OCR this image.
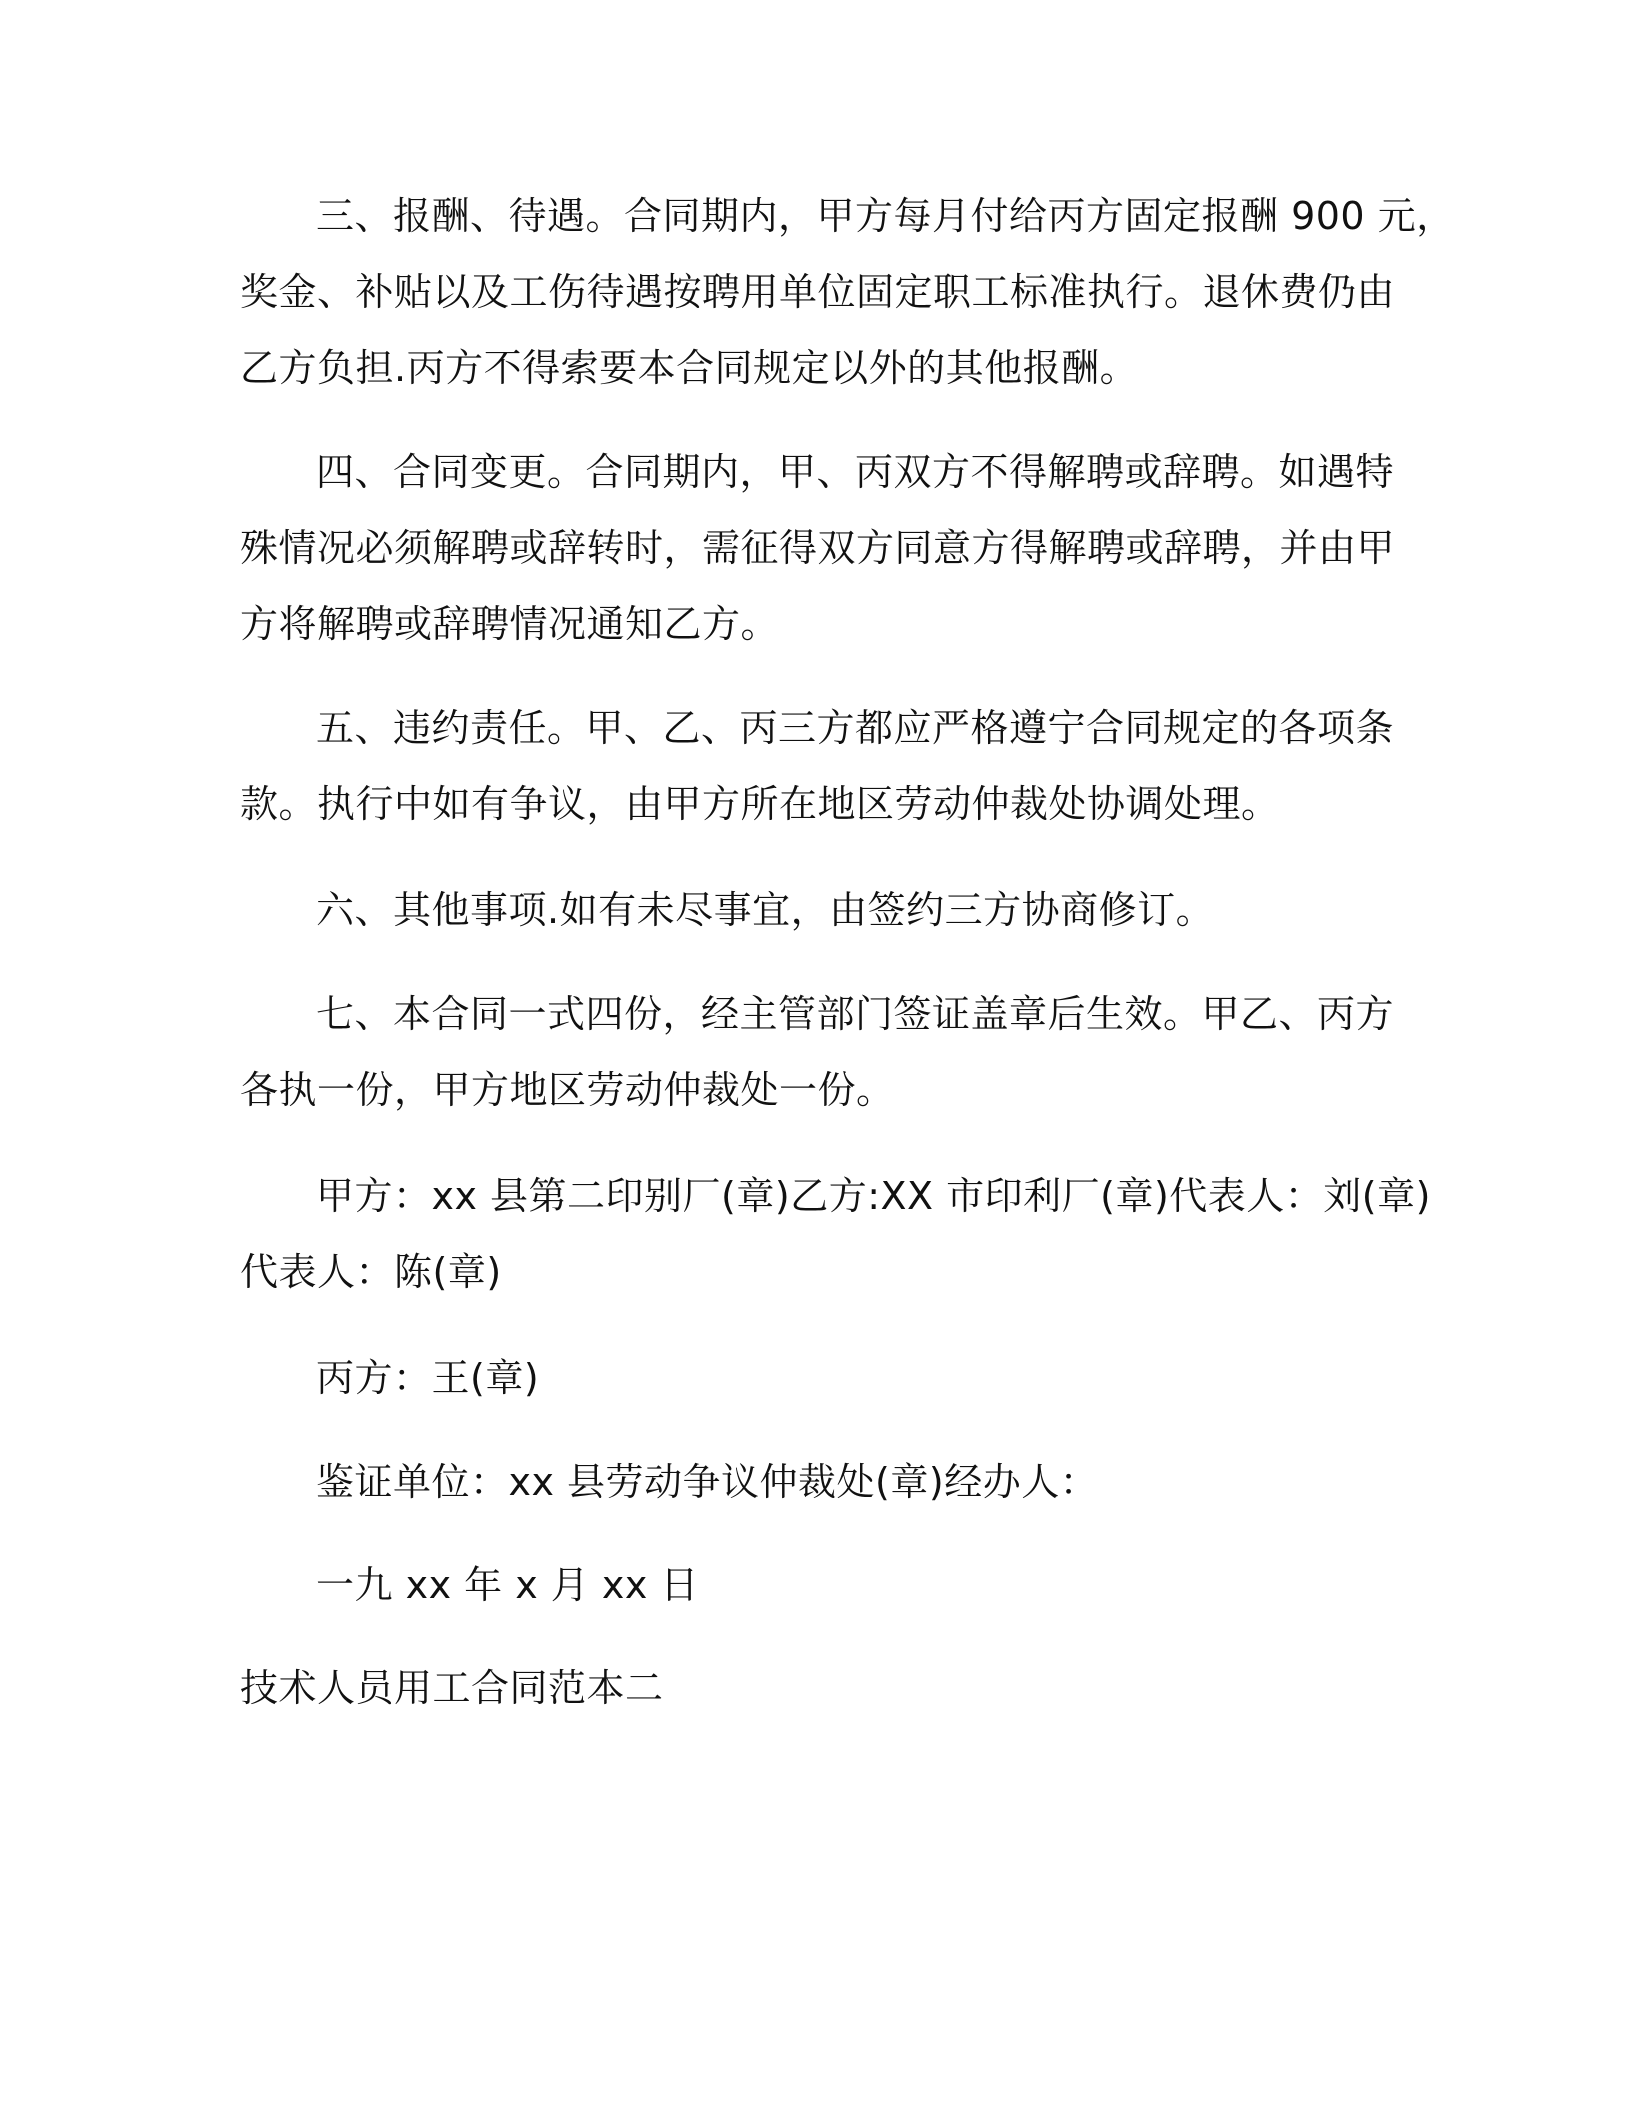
三、报酬、待遇。合同期内，甲方每月付给丙方固定报酬 900 元，
奖金、补贴以及工伤待遇按聘用单位固定职工标准执行。退休费仍由
乙方负担.丙方不得索要本合同规定以外的其他报酬。
四、合同变更。合同期内，甲、丙双方不得解聘或辞聘。如遇特
殊情况必须解聘或辞转时，需征得双方同意方得解聘或辞聘，并由甲
方将解聘或辞聘情况通知乙方。
五、违约责任。甲、乙、丙三方都应严格遵宁合同规定的各项条
款。执行中如有争议，由甲方所在地区劳动仲裁处协调处理。
六、其他事项.如有未尽事宜，由签约三方协商修订。
七、本合同一式四份，经主管部门签证盖章后生效。甲乙、丙方
各执一份，甲方地区劳动仲裁处一份。
甲方：xx 县第二印别厂(章)乙方:XX 市印利厂(章)代表人：刘(章)
代表人：陈(章)
丙方：王(章)
鉴证单位：xx 县劳动争议仲裁处(章)经办人：
一九 xx 年 x 月 xx 日
技术人员用工合同范本二
